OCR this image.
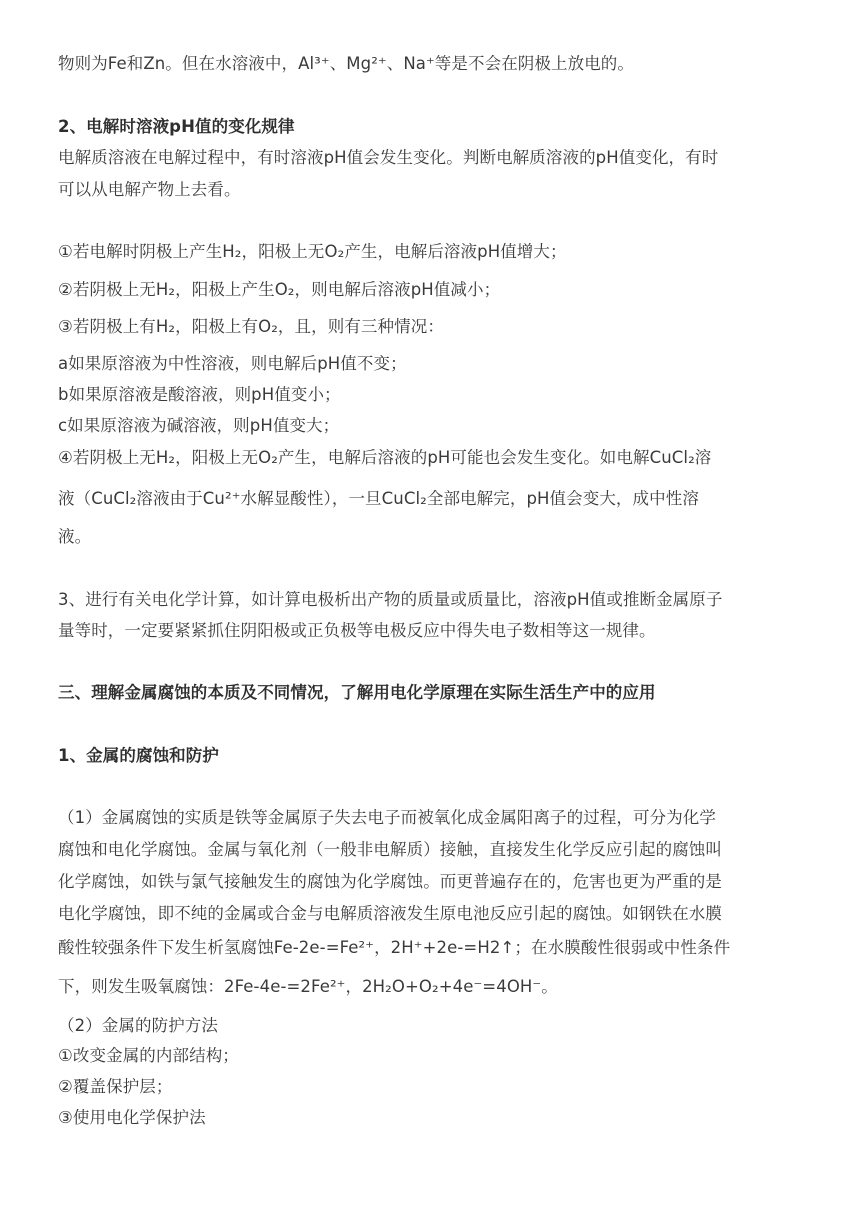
物则为Fe和Zn。但在水溶液中，Al³⁺、Mg²⁺、Na⁺等是不会在阴极上放电的。
2、电解时溶液pH值的变化规律
电解质溶液在电解过程中，有时溶液pH值会发生变化。判断电解质溶液的pH值变化，有时
可以从电解产物上去看。
①若电解时阴极上产生H₂，阳极上无O₂产生，电解后溶液pH值增大；
②若阴极上无H₂，阳极上产生O₂，则电解后溶液pH值减小；
③若阴极上有H₂，阳极上有O₂，且，则有三种情况：
a如果原溶液为中性溶液，则电解后pH值不变；
b如果原溶液是酸溶液，则pH值变小；
c如果原溶液为碱溶液，则pH值变大；
④若阴极上无H₂，阳极上无O₂产生，电解后溶液的pH可能也会发生变化。如电解CuCl₂溶
液（CuCl₂溶液由于Cu²⁺水解显酸性），一旦CuCl₂全部电解完，pH值会变大，成中性溶
液。
3、进行有关电化学计算，如计算电极析出产物的质量或质量比，溶液pH值或推断金属原子
量等时，一定要紧紧抓住阴阳极或正负极等电极反应中得失电子数相等这一规律。
三、理解金属腐蚀的本质及不同情况，了解用电化学原理在实际生活生产中的应用
1、金属的腐蚀和防护
（1）金属腐蚀的实质是铁等金属原子失去电子而被氧化成金属阳离子的过程，可分为化学
腐蚀和电化学腐蚀。金属与氧化剂（一般非电解质）接触，直接发生化学反应引起的腐蚀叫
化学腐蚀，如铁与氯气接触发生的腐蚀为化学腐蚀。而更普遍存在的，危害也更为严重的是
电化学腐蚀，即不纯的金属或合金与电解质溶液发生原电池反应引起的腐蚀。如钢铁在水膜
酸性较强条件下发生析氢腐蚀Fe-2e-=Fe²⁺，2H⁺+2e-=H2↑；在水膜酸性很弱或中性条件
下，则发生吸氧腐蚀：2Fe-4e-=2Fe²⁺，2H₂O+O₂+4e⁻=4OH⁻。
（2）金属的防护方法
①改变金属的内部结构；
②覆盖保护层；
③使用电化学保护法
